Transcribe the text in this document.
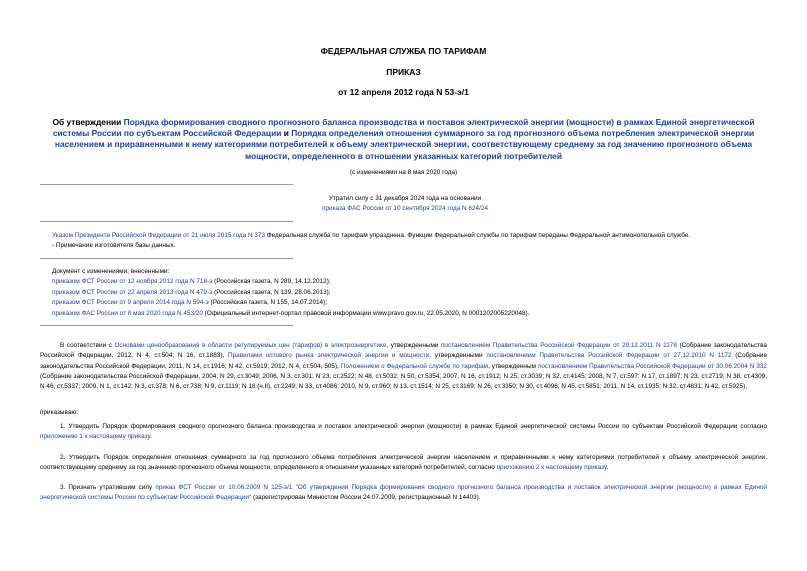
ФЕДЕРАЛЬНАЯ СЛУЖБА ПО ТАРИФАМ
ПРИКАЗ
от 12 апреля 2012 года N 53-э/1
Об утверждении Порядка формирования сводного прогнозного баланса производства и поставок электрической энергии (мощности) в рамках Единой энергетической системы России по субъектам Российской Федерации и Порядка определения отношения суммарного за год прогнозного объема потребления электрической энергии населением и приравненными к нему категориями потребителей к объему электрической энергии, соответствующему среднему за год значению прогнозного объема мощности, определенного в отношении указанных категорий потребителей
(с изменениями на 8 мая 2020 года)
Утратил силу с 31 декабря 2024 года на основании
приказа ФАС России от 10 сентября 2024 года N 624/24
Указом Президента Российской Федерации от 21 июля 2015 года N 373 Федеральная служба по тарифам упразднена. Функции Федеральной службы по тарифам переданы Федеральной антимонопольной службе.
- Примечание изготовителя базы данных.
Документ с изменениями, внесенными:
приказом ФСТ России от 12 ноября 2012 года N 718-э (Российская газета, N 289, 14.12.2012);
приказом ФСТ России от 22 апреля 2013 года N 479-э (Российская газета, N 139, 28.06.2013);
приказом ФСТ России от 9 апреля 2014 года N 594-э (Российская газета, N 155, 14.07.2014);
приказом ФАС России от 8 мая 2020 года N 453/20 (Официальный интернет-портал правовой информации www.pravo.gov.ru, 22.05.2020, N 0001202005220048).
В соответствии с Основами ценообразования в области регулируемых цен (тарифов) в электроэнергетике, утвержденными постановлением Правительства Российской Федерации от 29.12.2011 N 1178 (Собрание законодательства Российской Федерации, 2012, N 4, ст.504; N 16, ст.1883), Правилами оптового рынка электрической энергии и мощности, утвержденными постановлением Правительства Российской Федерации от 27.12.2010 N 1172 (Собрание законодательства Российской Федерации, 2011, N 14, ст.1916; N 42, ст.5919; 2012, N 4, ст.504, 505), Положением о Федеральной службе по тарифам, утвержденным постановлением Правительства Российской Федерации от 30.06.2004 N 332 (Собрание законодательства Российской Федерации, 2004, N 29, ст.3049; 2006, N 3, ст.301; N 23, ст.2522; N 48, ст.5032; N 50, ст.5354; 2007, N 16, ст.1912; N 25, ст.3039; N 32, ст.4145; 2008, N 7, ст.597; N 17, ст.1897; N 23, ст.2719; N 38, ст.4309; N 46, ст.5337; 2009, N 1, ст.142; N 3, ст.378; N 6, ст.738; N 9, ст.1119; N 18 (ч.II), ст.2249; N 33, ст.4086; 2010, N 9, ст.960; N 13, ст.1514; N 25, ст.3169; N 26, ст.3350; N 30, ст.4096; N 45, ст.5851; 2011, N 14, ст.1935; N 32, ст.4831; N 42, ст.5925),
приказываю:
1. Утвердить Порядок формирования сводного прогнозного баланса производства и поставок электрической энергии (мощности) в рамках Единой энергетической системы России по субъектам Российской Федерации согласно приложению 1 к настоящему приказу.
2. Утвердить Порядок определения отношения суммарного за год прогнозного объема потребления электрической энергии населением и приравненными к нему категориями потребителей к объему электрической энергии, соответствующему среднему за год значению прогнозного объема мощности, определенного в отношении указанных категорий потребителей, согласно приложению 2 к настоящему приказу.
3. Признать утратившим силу приказ ФСТ России от 10.06.2009 N 125-э/1 "Об утверждении Порядка формирования сводного прогнозного баланса производства и поставок электрической энергии (мощности) в рамках Единой энергетической системы России по субъектам Российской Федерации" (зарегистрирован Минюстом России 24.07.2009, регистрационный N 14403).
